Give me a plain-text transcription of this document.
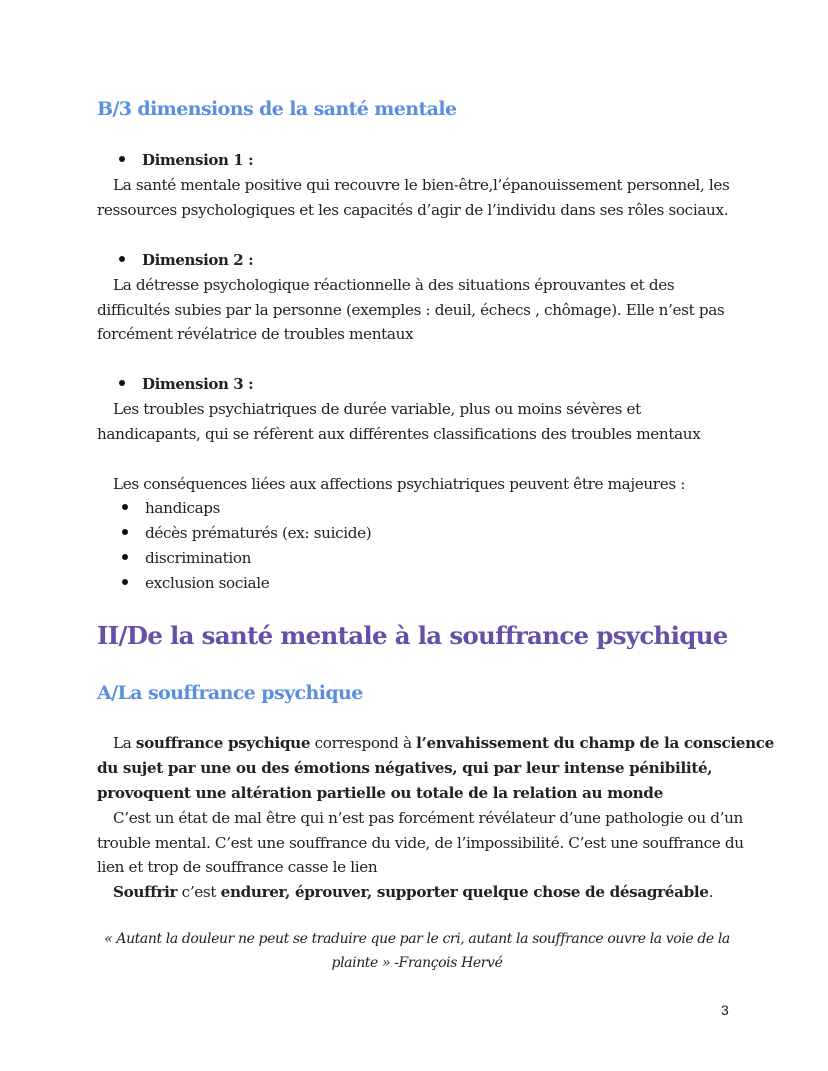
B/3 dimensions de la santé mentale
Dimension 1 :
La santé mentale positive qui recouvre le bien-être,l’épanouissement personnel, les
ressources psychologiques et les capacités d’agir de l’individu dans ses rôles sociaux.
Dimension 2 :
La détresse psychologique réactionnelle à des situations éprouvantes et des
difficultés subies par la personne (exemples : deuil, échecs , chômage). Elle n’est pas
forcément révélatrice de troubles mentaux
Dimension 3 :
Les troubles psychiatriques de durée variable, plus ou moins sévères et
handicapants, qui se réfèrent aux différentes classifications des troubles mentaux
Les conséquences liées aux affections psychiatriques peuvent être majeures :
handicaps
décès prématurés (ex: suicide)
discrimination
exclusion sociale
II/De la santé mentale à la souffrance psychique
A/La souffrance psychique
La souffrance psychique correspond à l’envahissement du champ de la conscience
du sujet par une ou des émotions négatives, qui par leur intense pénibilité,
provoquent une altération partielle ou totale de la relation au monde
C’est un état de mal être qui n’est pas forcément révélateur d’une pathologie ou d’un
trouble mental. C’est une souffrance du vide, de l’impossibilité. C’est une souffrance du
lien et trop de souffrance casse le lien
Souffrir c’est endurer, éprouver, supporter quelque chose de désagréable.
« Autant la douleur ne peut se traduire que par le cri, autant la souffrance ouvre la voie de la
plainte » -François Hervé
3
